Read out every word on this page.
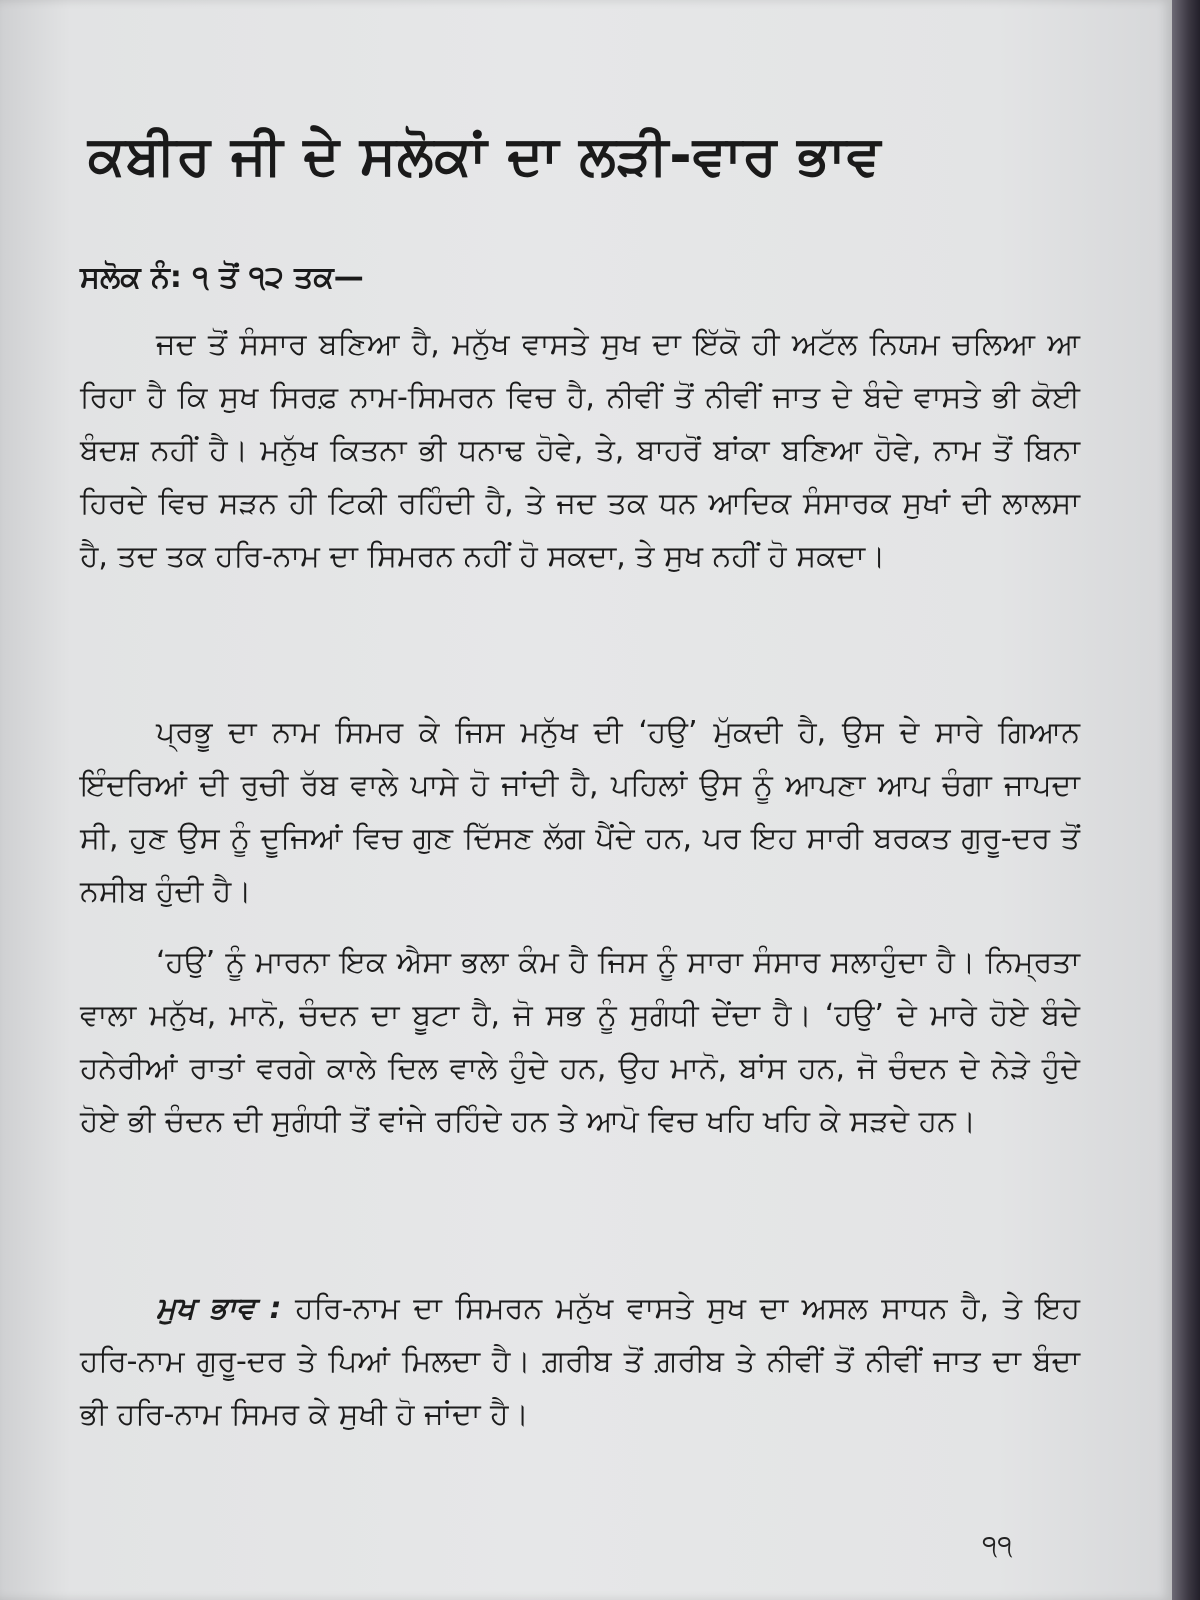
ਕਬੀਰ ਜੀ ਦੇ ਸਲੋਕਾਂ ਦਾ ਲੜੀ-ਵਾਰ ਭਾਵ
ਸਲੋਕ ਨੰ: ੧ ਤੋਂ ੧੨ ਤਕ—

ਜਦ ਤੋਂ ਸੰਸਾਰ ਬਣਿਆ ਹੈ, ਮਨੁੱਖ ਵਾਸਤੇ ਸੁਖ ਦਾ ਇੱਕੋ ਹੀ ਅਟੱਲ ਨਿਯਮ ਚਲਿਆ ਆ ਰਿਹਾ ਹੈ ਕਿ ਸੁਖ ਸਿਰਫ਼ ਨਾਮ-ਸਿਮਰਨ ਵਿਚ ਹੈ, ਨੀਵੀਂ ਤੋਂ ਨੀਵੀਂ ਜਾਤ ਦੇ ਬੰਦੇ ਵਾਸਤੇ ਭੀ ਕੋਈ ਬੰਦਸ਼ ਨਹੀਂ ਹੈ। ਮਨੁੱਖ ਕਿਤਨਾ ਭੀ ਧਨਾਢ ਹੋਵੇ, ਤੇ, ਬਾਹਰੋਂ ਬਾਂਕਾ ਬਣਿਆ ਹੋਵੇ, ਨਾਮ ਤੋਂ ਬਿਨਾ ਹਿਰਦੇ ਵਿਚ ਸੜਨ ਹੀ ਟਿਕੀ ਰਹਿੰਦੀ ਹੈ, ਤੇ ਜਦ ਤਕ ਧਨ ਆਦਿਕ ਸੰਸਾਰਕ ਸੁਖਾਂ ਦੀ ਲਾਲਸਾ ਹੈ, ਤਦ ਤਕ ਹਰਿ-ਨਾਮ ਦਾ ਸਿਮਰਨ ਨਹੀਂ ਹੋ ਸਕਦਾ, ਤੇ ਸੁਖ ਨਹੀਂ ਹੋ ਸਕਦਾ।

ਪ੍ਰਭੂ ਦਾ ਨਾਮ ਸਿਮਰ ਕੇ ਜਿਸ ਮਨੁੱਖ ਦੀ ‘ਹਉ’ ਮੁੱਕਦੀ ਹੈ, ਉਸ ਦੇ ਸਾਰੇ ਗਿਆਨ ਇੰਦਰਿਆਂ ਦੀ ਰੁਚੀ ਰੱਬ ਵਾਲੇ ਪਾਸੇ ਹੋ ਜਾਂਦੀ ਹੈ, ਪਹਿਲਾਂ ਉਸ ਨੂੰ ਆਪਣਾ ਆਪ ਚੰਗਾ ਜਾਪਦਾ ਸੀ, ਹੁਣ ਉਸ ਨੂੰ ਦੂਜਿਆਂ ਵਿਚ ਗੁਣ ਦਿੱਸਣ ਲੱਗ ਪੈਂਦੇ ਹਨ, ਪਰ ਇਹ ਸਾਰੀ ਬਰਕਤ ਗੁਰੂ-ਦਰ ਤੋਂ ਨਸੀਬ ਹੁੰਦੀ ਹੈ।

‘ਹਉ’ ਨੂੰ ਮਾਰਨਾ ਇਕ ਐਸਾ ਭਲਾ ਕੰਮ ਹੈ ਜਿਸ ਨੂੰ ਸਾਰਾ ਸੰਸਾਰ ਸਲਾਹੁੰਦਾ ਹੈ। ਨਿਮ੍ਰਤਾ ਵਾਲਾ ਮਨੁੱਖ, ਮਾਨੋ, ਚੰਦਨ ਦਾ ਬੂਟਾ ਹੈ, ਜੋ ਸਭ ਨੂੰ ਸੁਗੰਧੀ ਦੇਂਦਾ ਹੈ। ‘ਹਉ’ ਦੇ ਮਾਰੇ ਹੋਏ ਬੰਦੇ ਹਨੇਰੀਆਂ ਰਾਤਾਂ ਵਰਗੇ ਕਾਲੇ ਦਿਲ ਵਾਲੇ ਹੁੰਦੇ ਹਨ, ਉਹ ਮਾਨੋ, ਬਾਂਸ ਹਨ, ਜੋ ਚੰਦਨ ਦੇ ਨੇੜੇ ਹੁੰਦੇ ਹੋਏ ਭੀ ਚੰਦਨ ਦੀ ਸੁਗੰਧੀ ਤੋਂ ਵਾਂਜੇ ਰਹਿੰਦੇ ਹਨ ਤੇ ਆਪੋ ਵਿਚ ਖਹਿ ਖਹਿ ਕੇ ਸੜਦੇ ਹਨ।

ਮੁਖ ਭਾਵ : ਹਰਿ-ਨਾਮ ਦਾ ਸਿਮਰਨ ਮਨੁੱਖ ਵਾਸਤੇ ਸੁਖ ਦਾ ਅਸਲ ਸਾਧਨ ਹੈ, ਤੇ ਇਹ ਹਰਿ-ਨਾਮ ਗੁਰੂ-ਦਰ ਤੇ ਪਿਆਂ ਮਿਲਦਾ ਹੈ। ਗ਼ਰੀਬ ਤੋਂ ਗ਼ਰੀਬ ਤੇ ਨੀਵੀਂ ਤੋਂ ਨੀਵੀਂ ਜਾਤ ਦਾ ਬੰਦਾ ਭੀ ਹਰਿ-ਨਾਮ ਸਿਮਰ ਕੇ ਸੁਖੀ ਹੋ ਜਾਂਦਾ ਹੈ।

੧੧
